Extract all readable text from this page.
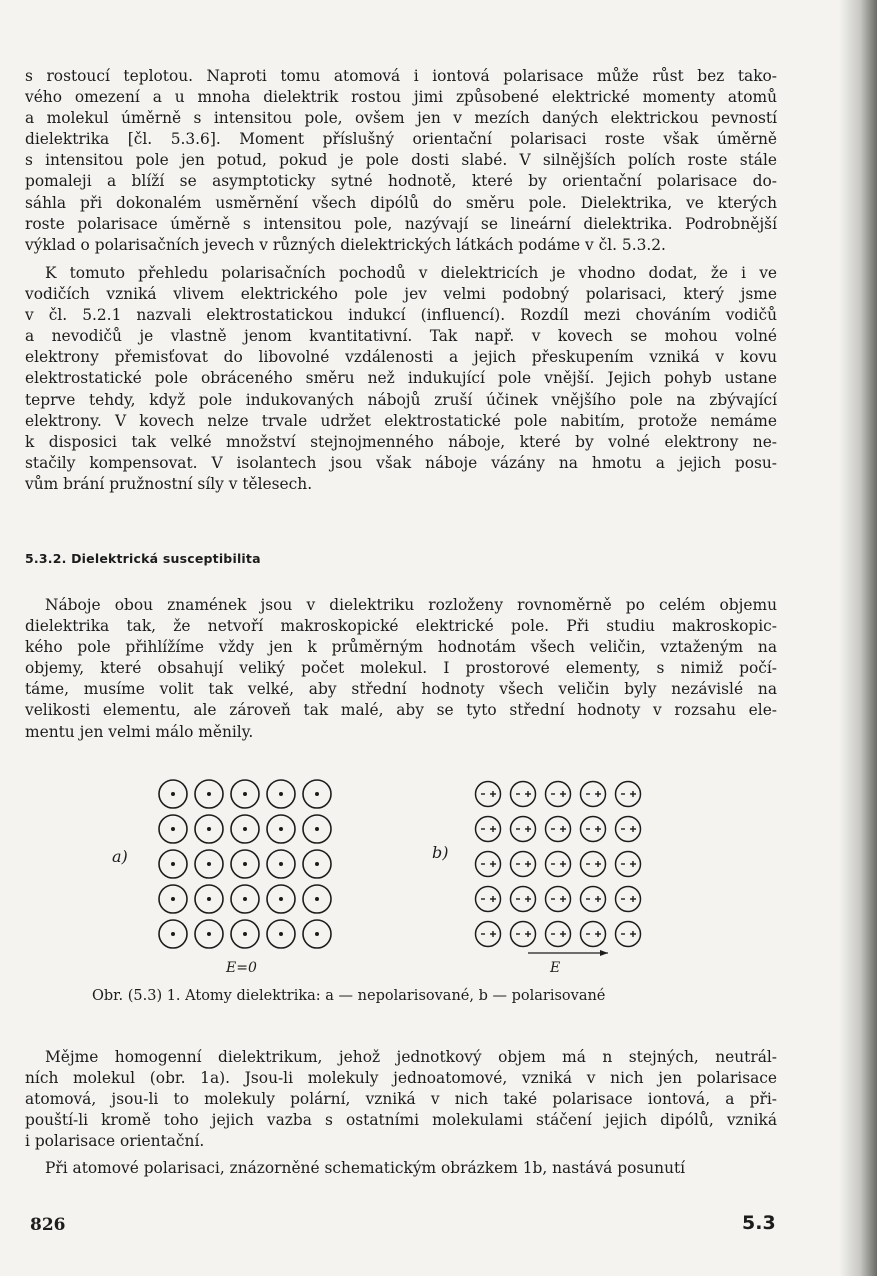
s rostoucí teplotou. Naproti tomu atomová i iontová polarisace může růst bez tako-
vého omezení a u mnoha dielektrik rostou jimi způsobené elektrické momenty atomů
a molekul úměrně s intensitou pole, ovšem jen v mezích daných elektrickou pevností
dielektrika [čl. 5.3.6]. Moment příslušný orientační polarisaci roste však úměrně
s intensitou pole jen potud, pokud je pole dosti slabé. V silnějších polích roste stále
pomaleji a blíží se asymptoticky sytné hodnotě, které by orientační polarisace do-
sáhla při dokonalém usměrnění všech dipólů do směru pole. Dielektrika, ve kterých
roste polarisace úměrně s intensitou pole, nazývají se lineární dielektrika. Podrobnější
výklad o polarisačních jevech v různých dielektrických látkách podáme v čl. 5.3.2.
K tomuto přehledu polarisačních pochodů v dielektricích je vhodno dodat, že i ve
vodičích vzniká vlivem elektrického pole jev velmi podobný polarisaci, který jsme
v čl. 5.2.1 nazvali elektrostatickou indukcí (influencí). Rozdíl mezi chováním vodičů
a nevodičů je vlastně jenom kvantitativní. Tak např. v kovech se mohou volné
elektrony přemisťovat do libovolné vzdálenosti a jejich přeskupením vzniká v kovu
elektrostatické pole obráceného směru než indukující pole vnější. Jejich pohyb ustane
teprve tehdy, když pole indukovaných nábojů zruší účinek vnějšího pole na zbývající
elektrony. V kovech nelze trvale udržet elektrostatické pole nabitím, protože nemáme
k disposici tak velké množství stejnojmenného náboje, které by volné elektrony ne-
stačily kompensovat. V isolantech jsou však náboje vázány na hmotu a jejich posu-
vům brání pružnostní síly v tělesech.
5.3.2. Dielektrická susceptibilita
Náboje obou znamének jsou v dielektriku rozloženy rovnoměrně po celém objemu
dielektrika tak, že netvoří makroskopické elektrické pole. Při studiu makroskopic-
kého pole přihlížíme vždy jen k průměrným hodnotám všech veličin, vztaženým na
objemy, které obsahují veliký počet molekul. I prostorové elementy, s nimiž počí-
táme, musíme volit tak velké, aby střední hodnoty všech veličin byly nezávislé na
velikosti elementu, ale zároveň tak malé, aby se tyto střední hodnoty v rozsahu ele-
mentu jen velmi málo měnily.
a)	b)
E=0	E

Obr. (5.3) 1. Atomy dielektrika: a — nepolarisované, b — polarisované

Mějme homogenní dielektrikum, jehož jednotkový objem má n stejných, neutrál-
ních molekul (obr. 1a). Jsou-li molekuly jednoatomové, vzniká v nich jen polarisace
atomová, jsou-li to molekuly polární, vzniká v nich také polarisace iontová, a při-
pouští-li kromě toho jejich vazba s ostatními molekulami stáčení jejich dipólů, vzniká
i polarisace orientační.
Při atomové polarisaci, znázorněné schematickým obrázkem 1b, nastává posunutí
826	5.3
